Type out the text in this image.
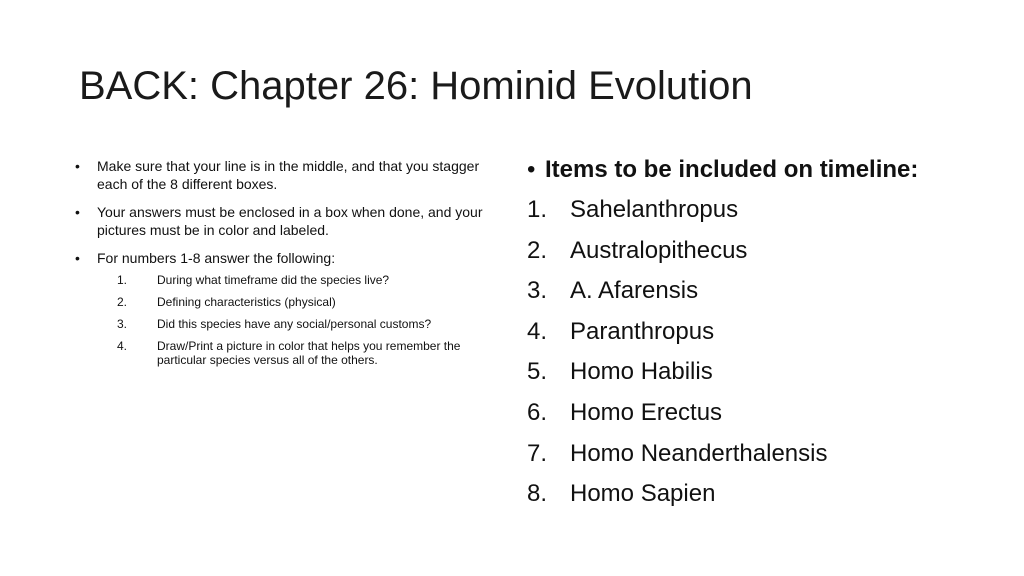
BACK: Chapter 26: Hominid Evolution
•	Make sure that your line is in the middle, and that you stagger each of the 8 different boxes.
•	Your answers must be enclosed in a box when done, and your pictures must be in color and labeled.
•	For numbers 1-8 answer the following:
1.	During what timeframe did the species live?
2.	Defining characteristics (physical)
3.	Did this species have any social/personal customs?
4.	Draw/Print a picture in color that helps you remember the particular species versus all of the others.
• Items to be included on timeline:
1. Sahelanthropus
2. Australopithecus
3. A. Afarensis
4. Paranthropus
5. Homo Habilis
6. Homo Erectus
7. Homo Neanderthalensis
8. Homo Sapien
